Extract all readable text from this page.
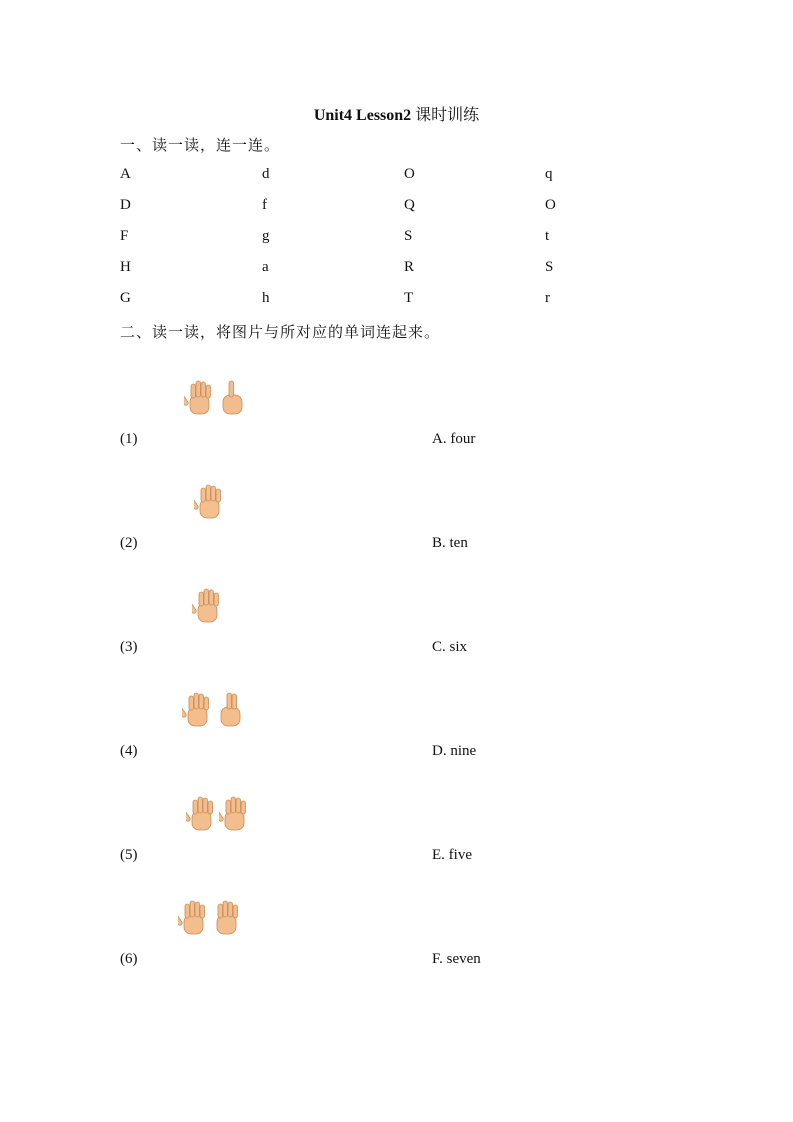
Unit4 Lesson2 课时训练
一、读一读，连一连。
A	d	O	q
D	f	Q	O
F	g	S	t
H	a	R	S
G	h	T	r
二、读一读，将图片与所对应的单词连起来。
(1)	A. four
(2)	B. ten
(3)	C. six
(4)	D. nine
(5)	E. five
(6)	F. seven
